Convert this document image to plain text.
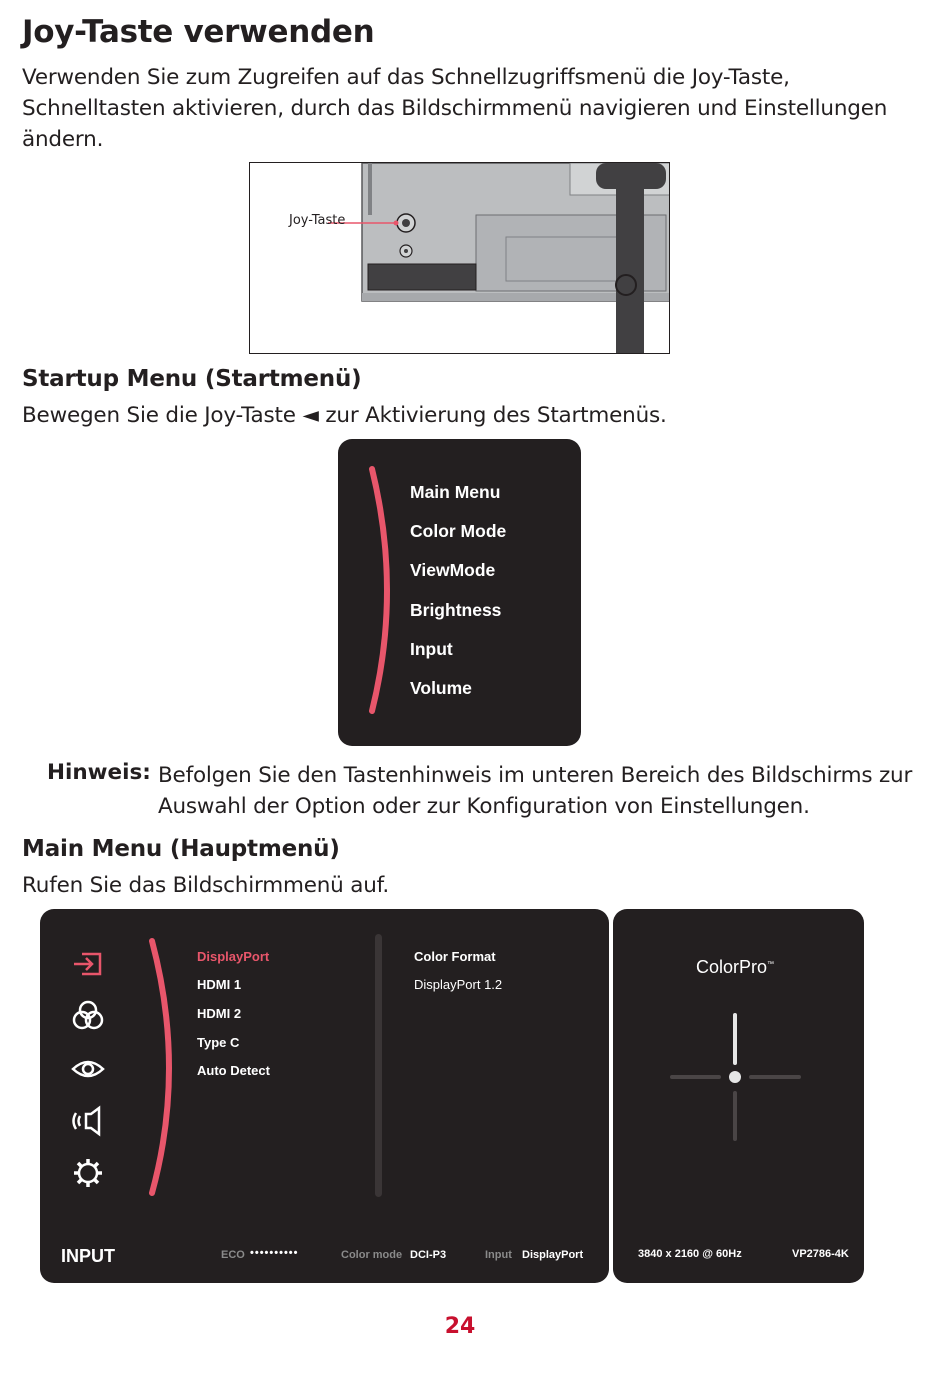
Joy-Taste verwenden

Verwenden Sie zum Zugreifen auf das Schnellzugriffsmenü die Joy-Taste, Schnelltasten aktivieren, durch das Bildschirmmenü navigieren und Einstellungen ändern.

Joy-Taste
Startup Menu (Startmenü)

Bewegen Sie die Joy-Taste ◄ zur Aktivierung des Startmenüs.

Main Menu
Color Mode
ViewMode
Brightness
Input
Volume
Hinweis: Befolgen Sie den Tastenhinweis im unteren Bereich des Bildschirms zur Auswahl der Option oder zur Konfiguration von Einstellungen.
Main Menu (Hauptmenü)

Rufen Sie das Bildschirmmenü auf.

DisplayPort
HDMI 1
HDMI 2
Type C
Auto Detect
Color Format
DisplayPort 1.2
INPUT	ECO ••••••••••	Color mode DCI-P3	Input DisplayPort
ColorPro™
3840 x 2160 @ 60Hz	VP2786-4K
24
